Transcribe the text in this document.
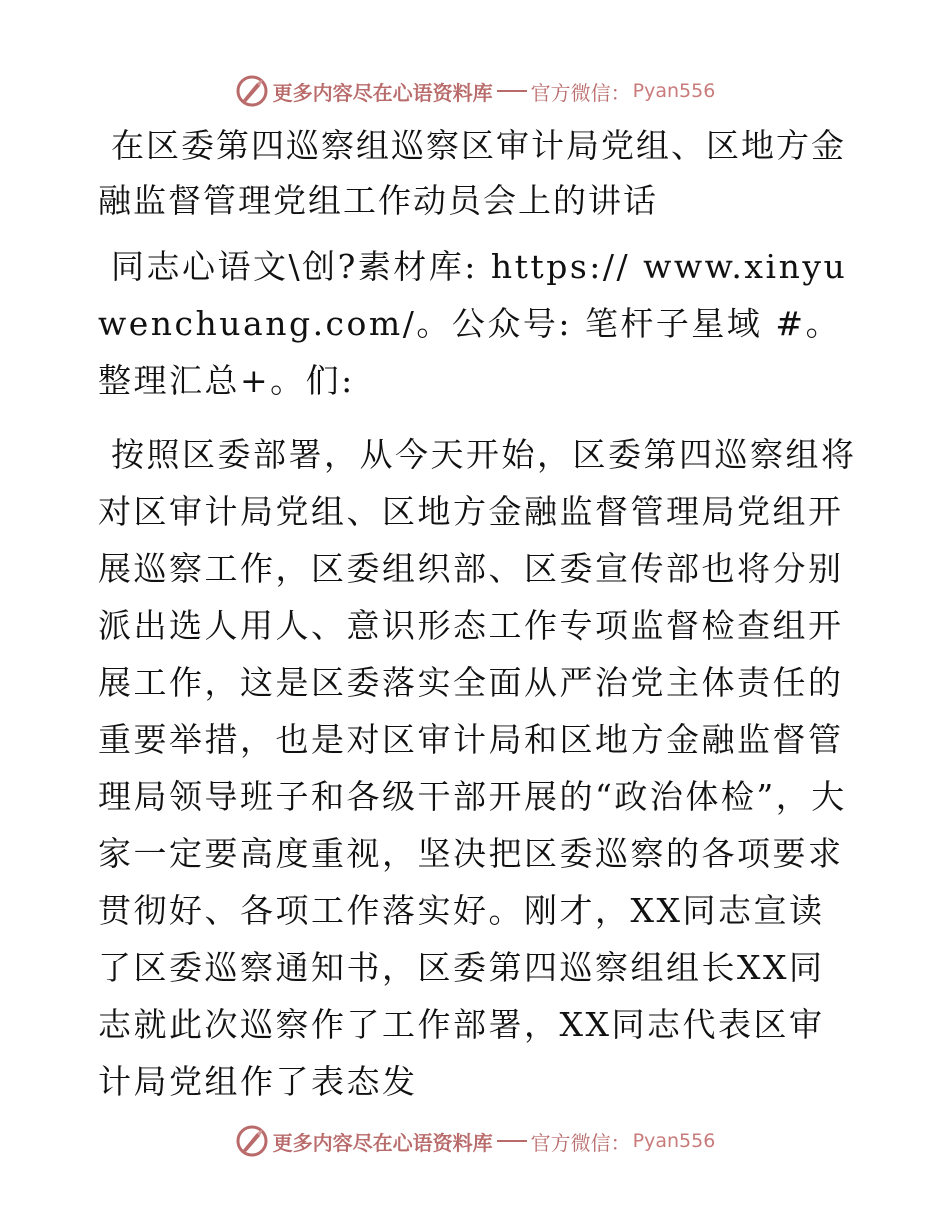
更多内容尽在心语资料库 官方微信： Pyan556
在区委第四巡察组巡察区审计局党组、区地方金融监督管理党组工作动员会上的讲话

同志心语文\创?素材库: https:// www.xinyuwenchuang.com/。公众号: 笔杆子星域 #。整理汇总+。们:

按照区委部署，从今天开始，区委第四巡察组将对区审计局党组、区地方金融监督管理局党组开展巡察工作，区委组织部、区委宣传部也将分别派出选人用人、意识形态工作专项监督检查组开展工作，这是区委落实全面从严治党主体责任的重要举措，也是对区审计局和区地方金融监督管理局领导班子和各级干部开展的“政治体检”，大家一定要高度重视，坚决把区委巡察的各项要求贯彻好、各项工作落实好。刚才，XX同志宣读了区委巡察通知书，区委第四巡察组组长XX同志就此次巡察作了工作部署，XX同志代表区审计局党组作了表态发

更多内容尽在心语资料库 官方微信： Pyan556
